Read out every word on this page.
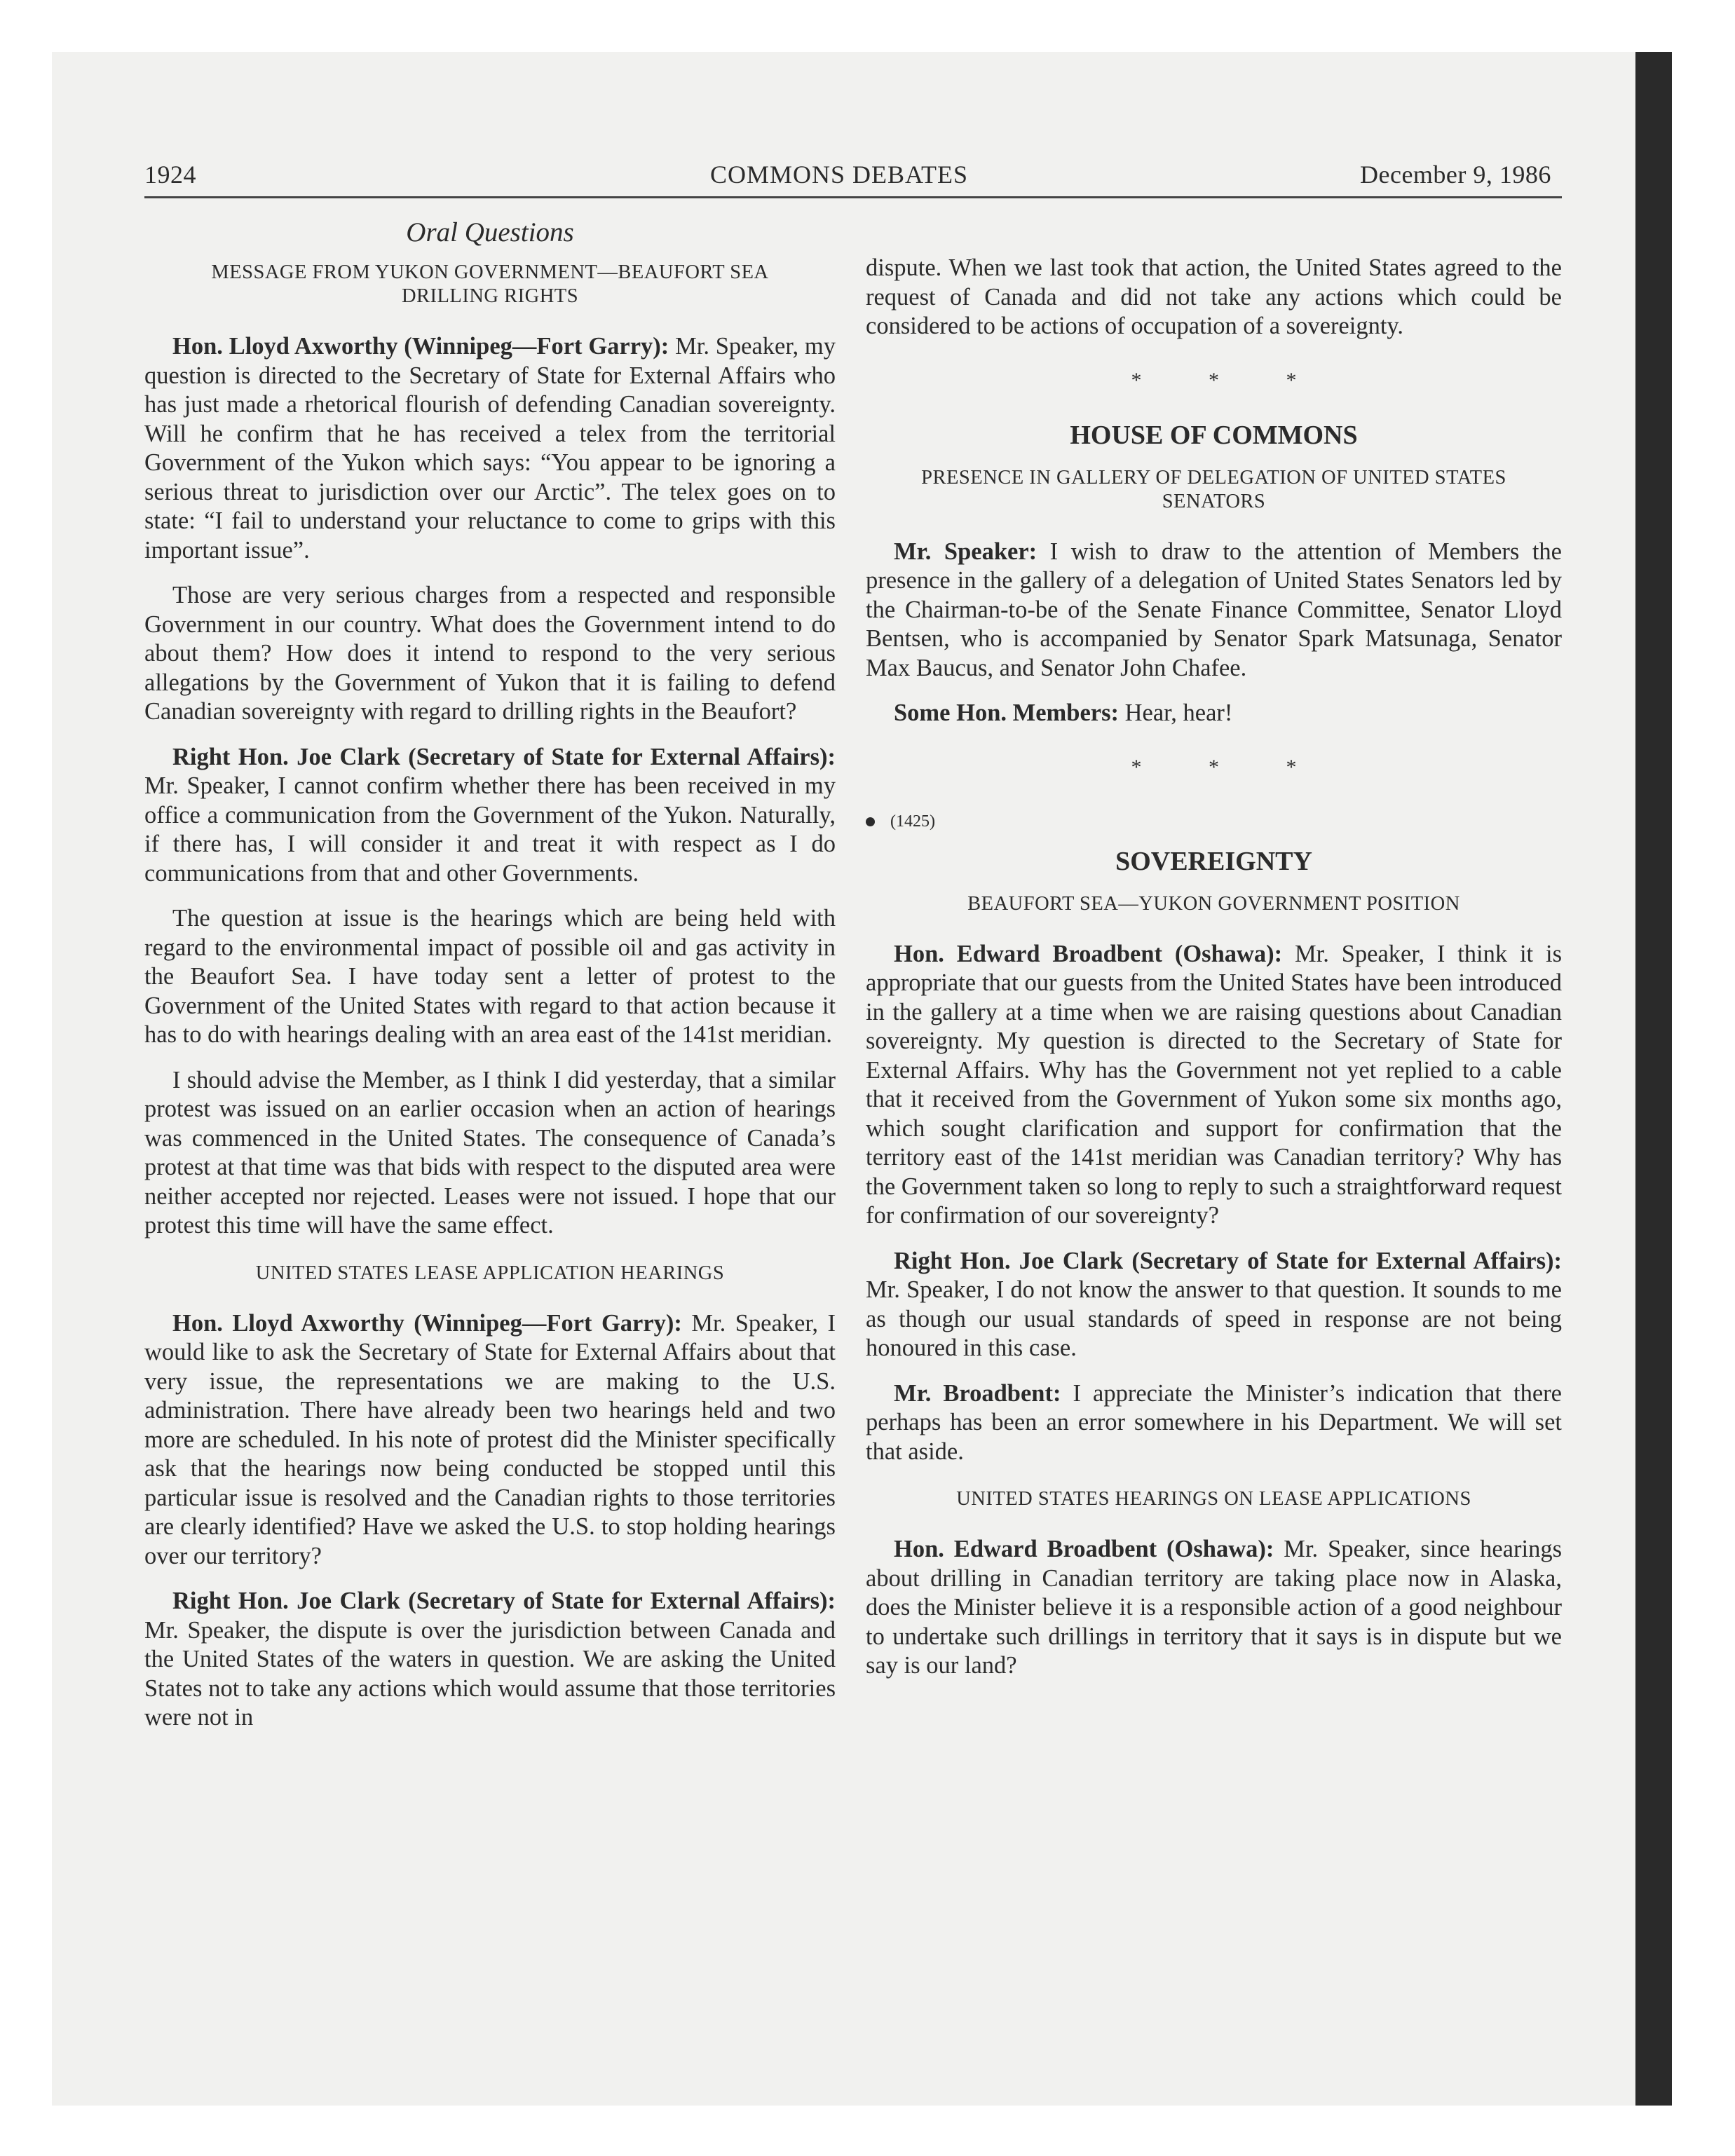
1924	COMMONS DEBATES	December 9, 1986
Oral Questions
MESSAGE FROM YUKON GOVERNMENT—BEAUFORT SEA DRILLING RIGHTS

Hon. Lloyd Axworthy (Winnipeg—Fort Garry): Mr. Speaker, my question is directed to the Secretary of State for External Affairs who has just made a rhetorical flourish of defending Canadian sovereignty. Will he confirm that he has received a telex from the territorial Government of the Yukon which says: “You appear to be ignoring a serious threat to jurisdiction over our Arctic”. The telex goes on to state: “I fail to understand your reluctance to come to grips with this important issue”.

Those are very serious charges from a respected and responsible Government in our country. What does the Government intend to do about them? How does it intend to respond to the very serious allegations by the Government of Yukon that it is failing to defend Canadian sovereignty with regard to drilling rights in the Beaufort?

Right Hon. Joe Clark (Secretary of State for External Affairs): Mr. Speaker, I cannot confirm whether there has been received in my office a communication from the Government of the Yukon. Naturally, if there has, I will consider it and treat it with respect as I do communications from that and other Governments.

The question at issue is the hearings which are being held with regard to the environmental impact of possible oil and gas activity in the Beaufort Sea. I have today sent a letter of protest to the Government of the United States with regard to that action because it has to do with hearings dealing with an area east of the 141st meridian.

I should advise the Member, as I think I did yesterday, that a similar protest was issued on an earlier occasion when an action of hearings was commenced in the United States. The consequence of Canada’s protest at that time was that bids with respect to the disputed area were neither accepted nor rejected. Leases were not issued. I hope that our protest this time will have the same effect.

UNITED STATES LEASE APPLICATION HEARINGS

Hon. Lloyd Axworthy (Winnipeg—Fort Garry): Mr. Speaker, I would like to ask the Secretary of State for External Affairs about that very issue, the representations we are making to the U.S. administration. There have already been two hearings held and two more are scheduled. In his note of protest did the Minister specifically ask that the hearings now being conducted be stopped until this particular issue is resolved and the Canadian rights to those territories are clearly identified? Have we asked the U.S. to stop holding hearings over our territory?

Right Hon. Joe Clark (Secretary of State for External Affairs): Mr. Speaker, the dispute is over the jurisdiction between Canada and the United States of the waters in question. We are asking the United States not to take any actions which would assume that those territories were not in

dispute. When we last took that action, the United States agreed to the request of Canada and did not take any actions which could be considered to be actions of occupation of a sovereignty.

* * *
HOUSE OF COMMONS
PRESENCE IN GALLERY OF DELEGATION OF UNITED STATES SENATORS

Mr. Speaker: I wish to draw to the attention of Members the presence in the gallery of a delegation of United States Senators led by the Chairman-to-be of the Senate Finance Committee, Senator Lloyd Bentsen, who is accompanied by Senator Spark Matsunaga, Senator Max Baucus, and Senator John Chafee.

Some Hon. Members: Hear, hear!

* * *
(1425)
SOVEREIGNTY
BEAUFORT SEA—YUKON GOVERNMENT POSITION

Hon. Edward Broadbent (Oshawa): Mr. Speaker, I think it is appropriate that our guests from the United States have been introduced in the gallery at a time when we are raising questions about Canadian sovereignty. My question is directed to the Secretary of State for External Affairs. Why has the Government not yet replied to a cable that it received from the Government of Yukon some six months ago, which sought clarification and support for confirmation that the territory east of the 141st meridian was Canadian territory? Why has the Government taken so long to reply to such a straightforward request for confirmation of our sovereignty?

Right Hon. Joe Clark (Secretary of State for External Affairs): Mr. Speaker, I do not know the answer to that question. It sounds to me as though our usual standards of speed in response are not being honoured in this case.

Mr. Broadbent: I appreciate the Minister’s indication that there perhaps has been an error somewhere in his Department. We will set that aside.

UNITED STATES HEARINGS ON LEASE APPLICATIONS

Hon. Edward Broadbent (Oshawa): Mr. Speaker, since hearings about drilling in Canadian territory are taking place now in Alaska, does the Minister believe it is a responsible action of a good neighbour to undertake such drillings in territory that it says is in dispute but we say is our land?
